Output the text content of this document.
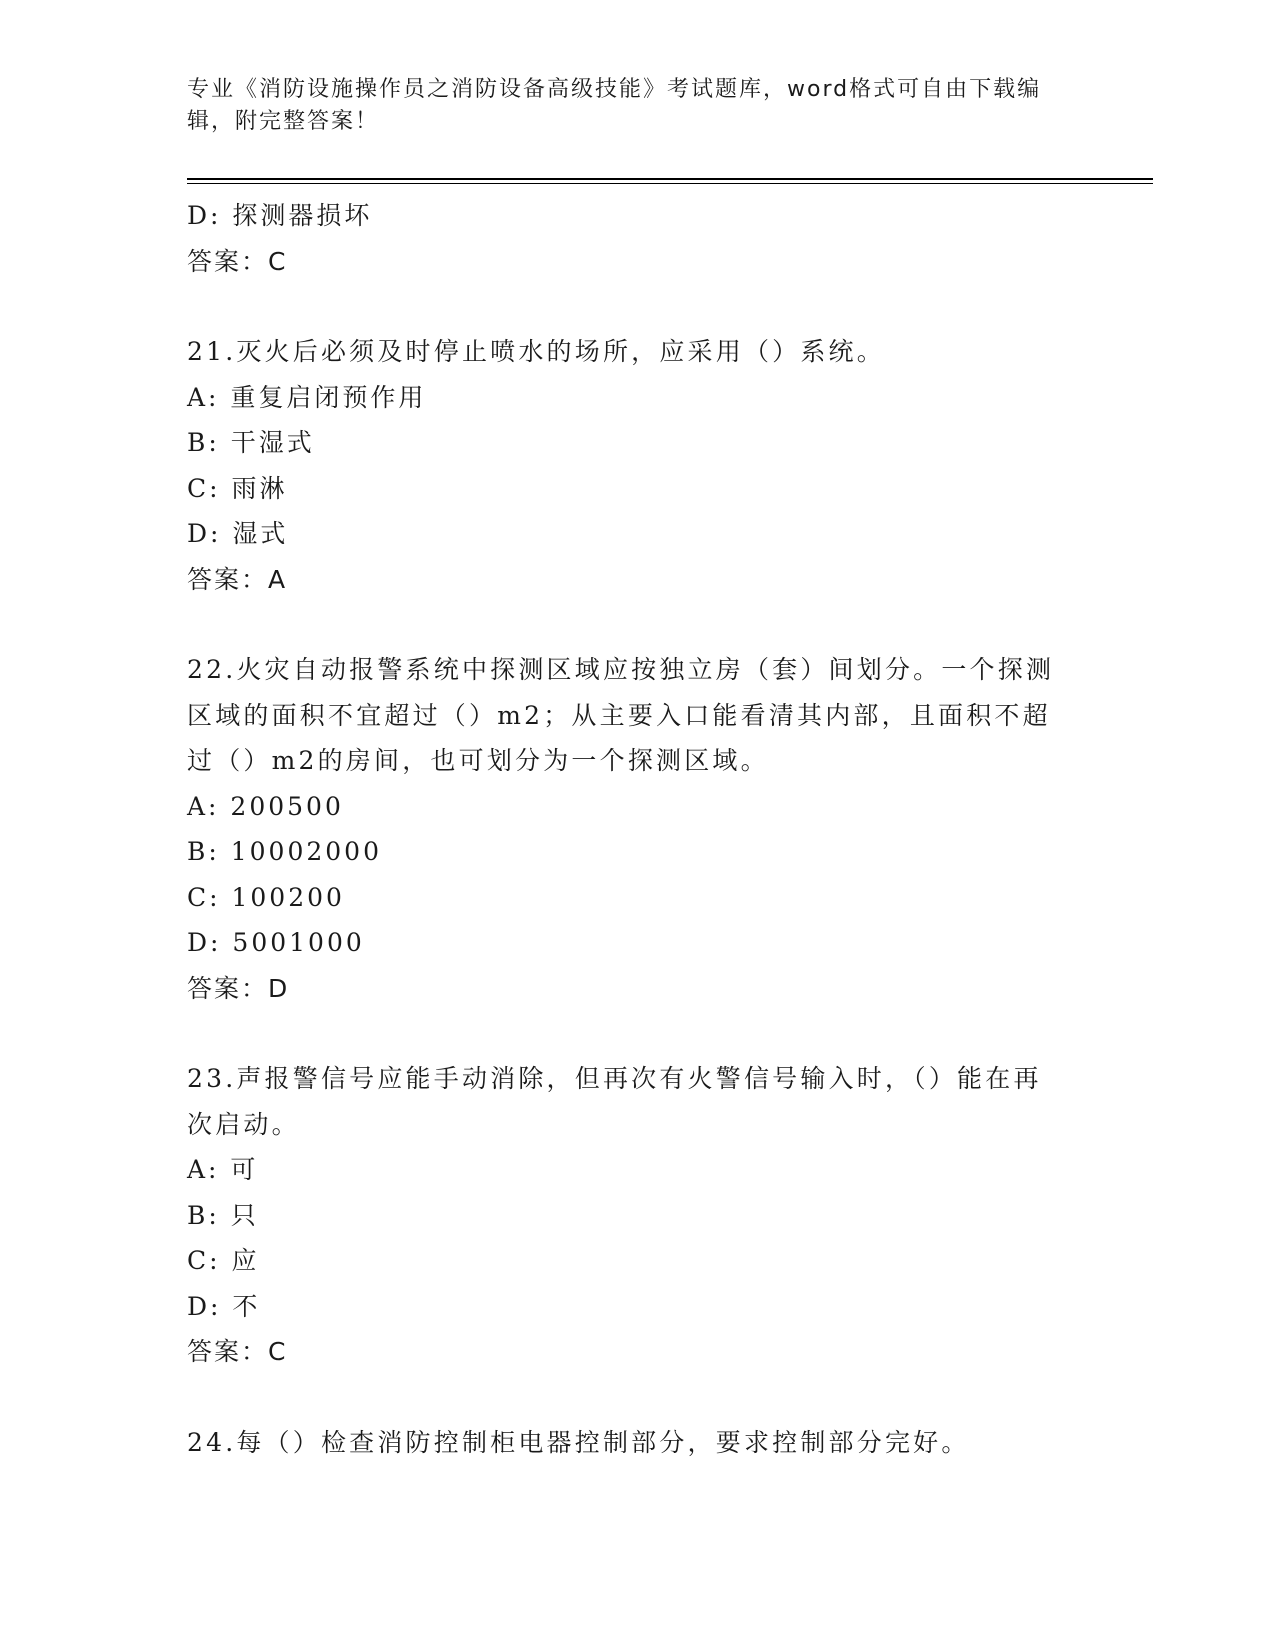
专业《消防设施操作员之消防设备高级技能》考试题库，word格式可自由下载编
辑，附完整答案！
D: 探测器损坏
答案：C
21.灭火后必须及时停止喷水的场所，应采用（）系统。
A: 重复启闭预作用
B: 干湿式
C: 雨淋
D: 湿式
答案：A
22.火灾自动报警系统中探测区域应按独立房（套）间划分。一个探测
区域的面积不宜超过（）m2；从主要入口能看清其内部，且面积不超
过（）m2的房间，也可划分为一个探测区域。
A: 200500
B: 10002000
C: 100200
D: 5001000
答案：D
23.声报警信号应能手动消除，但再次有火警信号输入时，（）能在再
次启动。
A: 可
B: 只
C: 应
D: 不
答案：C
24.每（）检查消防控制柜电器控制部分，要求控制部分完好。
